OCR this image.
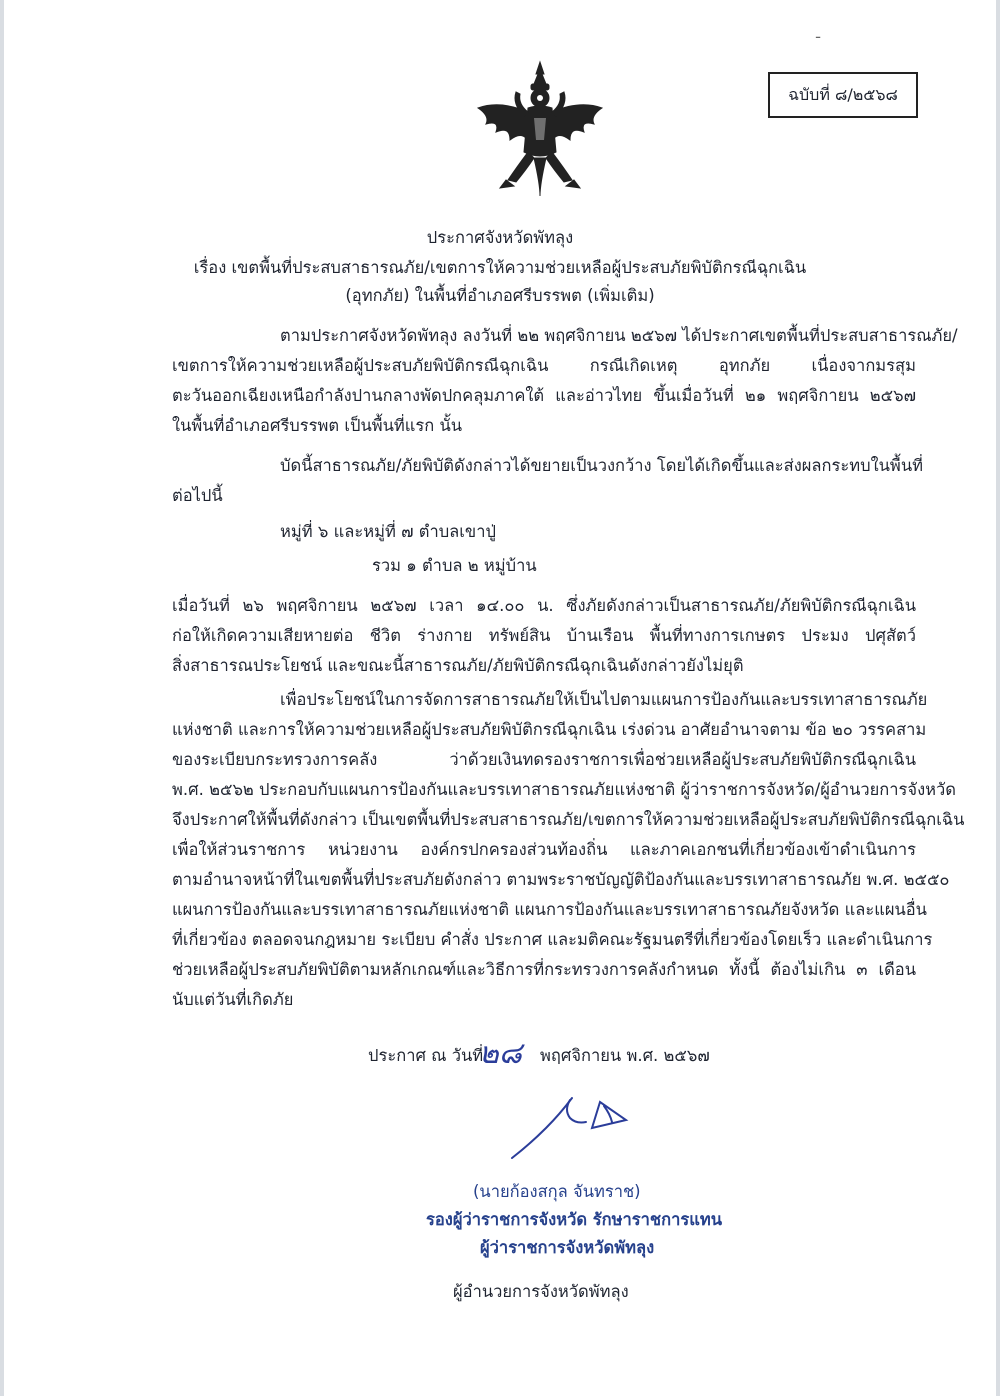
ـ
ฉบับที่ ๘/๒๕๖๘
ประกาศจังหวัดพัทลุง
เรื่อง เขตพื้นที่ประสบสาธารณภัย/เขตการให้ความช่วยเหลือผู้ประสบภัยพิบัติกรณีฉุกเฉิน
(อุทกภัย) ในพื้นที่อำเภอศรีบรรพต (เพิ่มเติม)
ตามประกาศจังหวัดพัทลุง ลงวันที่ ๒๒ พฤศจิกายน ๒๕๖๗ ได้ประกาศเขตพื้นที่ประสบสาธารณภัย/
เขตการให้ความช่วยเหลือผู้ประสบภัยพิบัติกรณีฉุกเฉิน กรณีเกิดเหตุ อุทกภัย เนื่องจากมรสุม
ตะวันออกเฉียงเหนือกำลังปานกลางพัดปกคลุมภาคใต้ และอ่าวไทย ขึ้นเมื่อวันที่ ๒๑ พฤศจิกายน ๒๕๖๗
ในพื้นที่อำเภอศรีบรรพต เป็นพื้นที่แรก นั้น
บัดนี้สาธารณภัย/ภัยพิบัติดังกล่าวได้ขยายเป็นวงกว้าง โดยได้เกิดขึ้นและส่งผลกระทบในพื้นที่
ต่อไปนี้
หมู่ที่ ๖ และหมู่ที่ ๗ ตำบลเขาปู่
รวม ๑ ตำบล ๒ หมู่บ้าน
เมื่อวันที่ ๒๖ พฤศจิกายน ๒๕๖๗ เวลา ๑๔.๐๐ น. ซึ่งภัยดังกล่าวเป็นสาธารณภัย/ภัยพิบัติกรณีฉุกเฉิน
ก่อให้เกิดความเสียหายต่อ ชีวิต ร่างกาย ทรัพย์สิน บ้านเรือน พื้นที่ทางการเกษตร ประมง ปศุสัตว์
สิ่งสาธารณประโยชน์ และขณะนี้สาธารณภัย/ภัยพิบัติกรณีฉุกเฉินดังกล่าวยังไม่ยุติ
เพื่อประโยชน์ในการจัดการสาธารณภัยให้เป็นไปตามแผนการป้องกันและบรรเทาสาธารณภัย
แห่งชาติ และการให้ความช่วยเหลือผู้ประสบภัยพิบัติกรณีฉุกเฉิน เร่งด่วน อาศัยอำนาจตาม ข้อ ๒๐ วรรคสาม
ของระเบียบกระทรวงการคลัง ว่าด้วยเงินทดรองราชการเพื่อช่วยเหลือผู้ประสบภัยพิบัติกรณีฉุกเฉิน
พ.ศ. ๒๕๖๒ ประกอบกับแผนการป้องกันและบรรเทาสาธารณภัยแห่งชาติ ผู้ว่าราชการจังหวัด/ผู้อำนวยการจังหวัด
จึงประกาศให้พื้นที่ดังกล่าว เป็นเขตพื้นที่ประสบสาธารณภัย/เขตการให้ความช่วยเหลือผู้ประสบภัยพิบัติกรณีฉุกเฉิน
เพื่อให้ส่วนราชการ หน่วยงาน องค์กรปกครองส่วนท้องถิ่น และภาคเอกชนที่เกี่ยวข้องเข้าดำเนินการ
ตามอำนาจหน้าที่ในเขตพื้นที่ประสบภัยดังกล่าว ตามพระราชบัญญัติป้องกันและบรรเทาสาธารณภัย พ.ศ. ๒๕๕๐
แผนการป้องกันและบรรเทาสาธารณภัยแห่งชาติ แผนการป้องกันและบรรเทาสาธารณภัยจังหวัด และแผนอื่น
ที่เกี่ยวข้อง ตลอดจนกฎหมาย ระเบียบ คำสั่ง ประกาศ และมติคณะรัฐมนตรีที่เกี่ยวข้องโดยเร็ว และดำเนินการ
ช่วยเหลือผู้ประสบภัยพิบัติตามหลักเกณฑ์และวิธีการที่กระทรวงการคลังกำหนด ทั้งนี้ ต้องไม่เกิน ๓ เดือน
นับแต่วันที่เกิดภัย
ประกาศ ณ วันที่
๒๘ พฤศจิกายน พ.ศ. ๒๕๖๗
(นายก้องสกุล จันทราช)
รองผู้ว่าราชการจังหวัด รักษาราชการแทน
ผู้ว่าราชการจังหวัดพัทลุง
ผู้อำนวยการจังหวัดพัทลุง
